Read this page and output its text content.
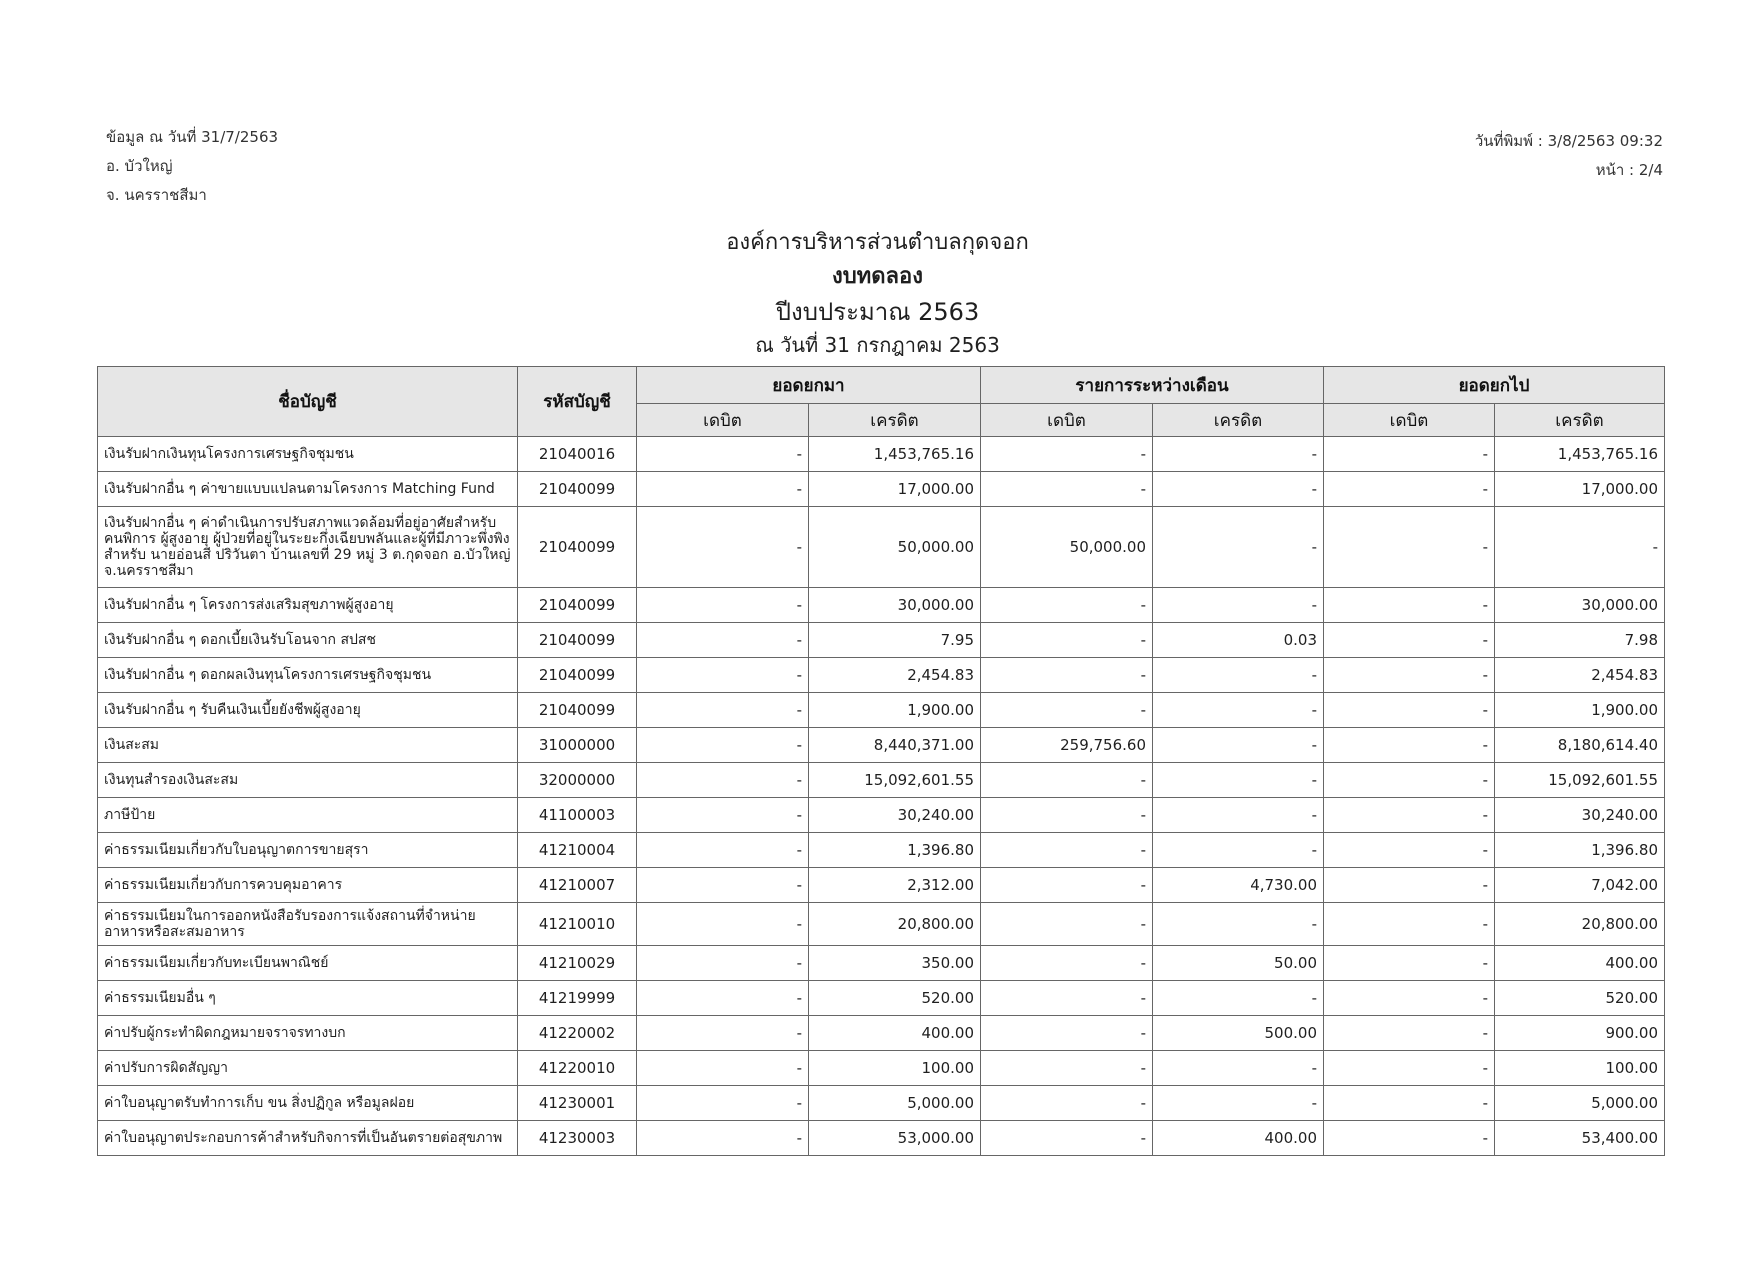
ข้อมูล ณ วันที่ 31/7/2563
อ. บัวใหญ่
จ. นครราชสีมา
วันที่พิมพ์ : 3/8/2563 09:32
หน้า : 2/4
องค์การบริหารส่วนตำบลกุดจอก
งบทดลอง
ปีงบประมาณ 2563
ณ วันที่ 31 กรกฎาคม 2563
ชื่อบัญชี	รหัสบัญชี	ยอดยกมา		รายการระหว่างเดือน		ยอดยกไป	
		เดบิต	เครดิต	เดบิต	เครดิต	เดบิต	เครดิต
เงินรับฝากเงินทุนโครงการเศรษฐกิจชุมชน	21040016	-	1,453,765.16	-	-	-	1,453,765.16
เงินรับฝากอื่น ๆ ค่าขายแบบแปลนตามโครงการ Matching Fund	21040099	-	17,000.00	-	-	-	17,000.00
เงินรับฝากอื่น ๆ ค่าดำเนินการปรับสภาพแวดล้อมที่อยู่อาศัยสำหรับคนพิการ ผู้สูงอายุ ผู้ป่วยที่อยู่ในระยะกึ่งเฉียบพลันและผู้ที่มีภาวะพึ่งพิงสำหรับ นายอ่อนสี ปริวันตา บ้านเลขที่ 29 หมู่ 3 ต.กุดจอก อ.บัวใหญ่ จ.นครราชสีมา	21040099	-	50,000.00	50,000.00	-	-	-
เงินรับฝากอื่น ๆ โครงการส่งเสริมสุขภาพผู้สูงอายุ	21040099	-	30,000.00	-	-	-	30,000.00
เงินรับฝากอื่น ๆ ดอกเบี้ยเงินรับโอนจาก สปสช	21040099	-	7.95	-	0.03	-	7.98
เงินรับฝากอื่น ๆ ดอกผลเงินทุนโครงการเศรษฐกิจชุมชน	21040099	-	2,454.83	-	-	-	2,454.83
เงินรับฝากอื่น ๆ รับคืนเงินเบี้ยยังชีพผู้สูงอายุ	21040099	-	1,900.00	-	-	-	1,900.00
เงินสะสม	31000000	-	8,440,371.00	259,756.60	-	-	8,180,614.40
เงินทุนสำรองเงินสะสม	32000000	-	15,092,601.55	-	-	-	15,092,601.55
ภาษีป้าย	41100003	-	30,240.00	-	-	-	30,240.00
ค่าธรรมเนียมเกี่ยวกับใบอนุญาตการขายสุรา	41210004	-	1,396.80	-	-	-	1,396.80
ค่าธรรมเนียมเกี่ยวกับการควบคุมอาคาร	41210007	-	2,312.00	-	4,730.00	-	7,042.00
ค่าธรรมเนียมในการออกหนังสือรับรองการแจ้งสถานที่จำหน่ายอาหารหรือสะสมอาหาร	41210010	-	20,800.00	-	-	-	20,800.00
ค่าธรรมเนียมเกี่ยวกับทะเบียนพาณิชย์	41210029	-	350.00	-	50.00	-	400.00
ค่าธรรมเนียมอื่น ๆ	41219999	-	520.00	-	-	-	520.00
ค่าปรับผู้กระทำผิดกฎหมายจราจรทางบก	41220002	-	400.00	-	500.00	-	900.00
ค่าปรับการผิดสัญญา	41220010	-	100.00	-	-	-	100.00
ค่าใบอนุญาตรับทำการเก็บ ขน สิ่งปฏิกูล หรือมูลฝอย	41230001	-	5,000.00	-	-	-	5,000.00
ค่าใบอนุญาตประกอบการค้าสำหรับกิจการที่เป็นอันตรายต่อสุขภาพ	41230003	-	53,000.00	-	400.00	-	53,400.00
